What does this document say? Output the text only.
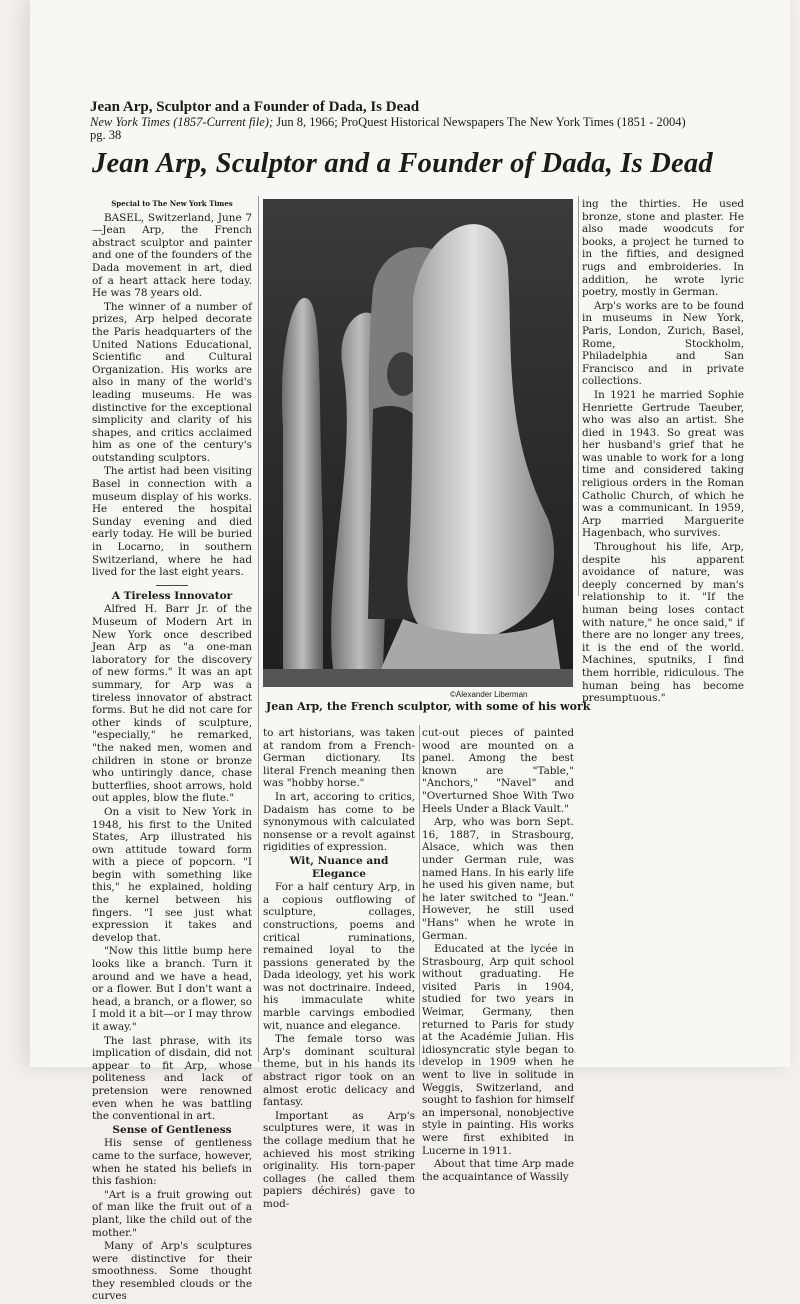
Jean Arp, Sculptor and a Founder of Dada, Is Dead
New York Times (1857-Current file); Jun 8, 1966; ProQuest Historical Newspapers The New York Times (1851 - 2004)
pg. 38
Jean Arp, Sculptor and a Founder of Dada, Is Dead

Special to The New York Times

BASEL, Switzerland, June 7 —Jean Arp, the French abstract sculptor and painter and one of the founders of the Dada movement in art, died of a heart attack here today. He was 78 years old.

The winner of a number of prizes, Arp helped decorate the Paris headquarters of the United Nations Educational, Scientific and Cultural Organization. His works are also in many of the world's leading museums. He was distinctive for the exceptional simplicity and clarity of his shapes, and critics acclaimed him as one of the century's outstanding sculptors.

The artist had been visiting Basel in connection with a museum display of his works. He entered the hospital Sunday evening and died early today. He will be buried in Locarno, in southern Switzerland, where he had lived for the last eight years.

A Tireless Innovator

Alfred H. Barr Jr. of the Museum of Modern Art in New York once described Jean Arp as "a one-man laboratory for the discovery of new forms." It was an apt summary, for Arp was a tireless innovator of abstract forms. But he did not care for other kinds of sculpture, "especially," he remarked, "the naked men, women and children in stone or bronze who untiringly dance, chase butterflies, shoot arrows, hold out apples, blow the flute."

On a visit to New York in 1948, his first to the United States, Arp illustrated his own attitude toward form with a piece of popcorn. "I begin with something like this," he explained, holding the kernel between his fingers. "I see just what expression it takes and develop that.

"Now this little bump here looks like a branch. Turn it around and we have a head, or a flower. But I don't want a head, a branch, or a flower, so I mold it a bit—or I may throw it away."

The last phrase, with its implication of disdain, did not appear to fit Arp, whose politeness and lack of pretension were renowned even when he was battling the conventional in art.

Sense of Gentleness

His sense of gentleness came to the surface, however, when he stated his beliefs in this fashion:

"Art is a fruit growing out of man like the fruit out of a plant, like the child out of the mother."

Many of Arp's sculptures were distinctive for their smoothness. Some thought they resembled clouds or the curves

©Alexander Liberman
Jean Arp, the French sculptor, with some of his work

to art historians, was taken at random from a French-German dictionary. Its literal French meaning then was "hobby horse."

In art, accoring to critics, Dadaism has come to be synonymous with calculated nonsense or a revolt against rigidities of expression.

Wit, Nuance and Elegance

For a half century Arp, in a copious outflowing of sculpture, collages, constructions, poems and critical ruminations, remained loyal to the passions generated by the Dada ideology, yet his work was not doctrinaire. Indeed, his immaculate white marble carvings embodied wit, nuance and elegance.

The female torso was Arp's dominant scultural theme, but in his hands its abstract rigor took on an almost erotic delicacy and fantasy.

Important as Arp's sculptures were, it was in the collage medium that he achieved his most striking originality. His torn-paper collages (he called them papiers déchirés) gave to mod-

cut-out pieces of painted wood are mounted on a panel. Among the best known are "Table," "Anchors," "Navel" and "Overturned Shoe With Two Heels Under a Black Vault."

Arp, who was born Sept. 16, 1887, in Strasbourg, Alsace, which was then under German rule, was named Hans. In his early life he used his given name, but he later switched to "Jean." However, he still used "Hans" when he wrote in German.

Educated at the lycée in Strasbourg, Arp quit school without graduating. He visited Paris in 1904, studied for two years in Weimar, Germany, then returned to Paris for study at the Académie Julian. His idiosyncratic style began to develop in 1909 when he went to live in solitude in Weggis, Switzerland, and sought to fashion for himself an impersonal, nonobjective style in painting. His works were first exhibited in Lucerne in 1911.

About that time Arp made the acquaintance of Wassily

ing the thirties. He used bronze, stone and plaster. He also made woodcuts for books, a project he turned to in the fifties, and designed rugs and embroideries. In addition, he wrote lyric poetry, mostly in German.

Arp's works are to be found in museums in New York, Paris, London, Zurich, Basel, Rome, Stockholm, Philadelphia and San Francisco and in private collections.

In 1921 he married Sophie Henriette Gertrude Taeuber, who was also an artist. She died in 1943. So great was her husband's grief that he was unable to work for a long time and considered taking religious orders in the Roman Catholic Church, of which he was a communicant. In 1959, Arp married Marguerite Hagenbach, who survives.

Throughout his life, Arp, despite his apparent avoidance of nature, was deeply concerned by man's relationship to it. "If the human being loses contact with nature," he once said," if there are no longer any trees, it is the end of the world. Machines, sputniks, I find them horrible, ridiculous. The human being has become presumptuous."
